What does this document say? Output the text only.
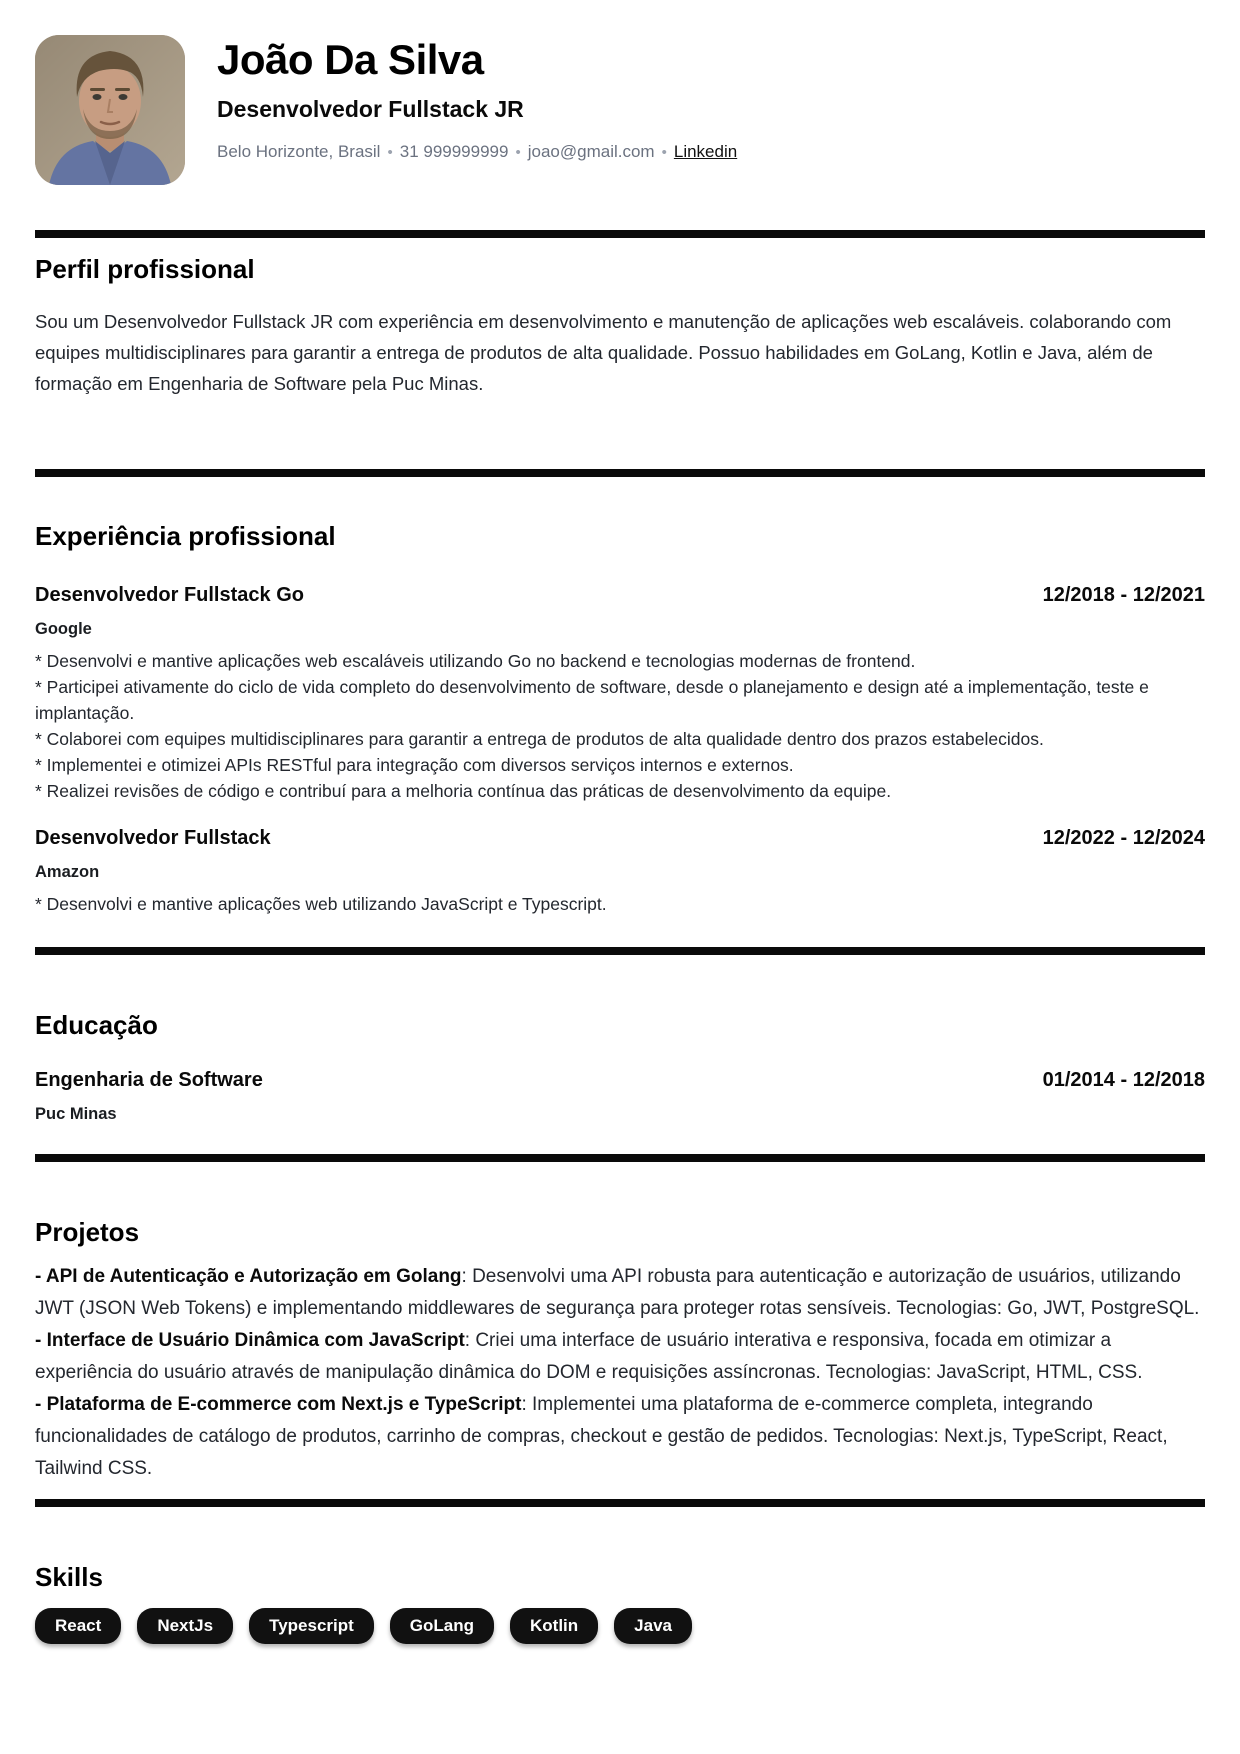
João Da Silva
Desenvolvedor Fullstack JR
Belo Horizonte, Brasil • 31 999999999 • joao@gmail.com • Linkedin
Perfil profissional

Sou um Desenvolvedor Fullstack JR com experiência em desenvolvimento e manutenção de aplicações web escaláveis. colaborando com equipes multidisciplinares para garantir a entrega de produtos de alta qualidade. Possuo habilidades em GoLang, Kotlin e Java, além de formação em Engenharia de Software pela Puc Minas.

Experiência profissional
Desenvolvedor Fullstack Go	12/2018 - 12/2021
Google

* Desenvolvi e mantive aplicações web escaláveis utilizando Go no backend e tecnologias modernas de frontend.

* Participei ativamente do ciclo de vida completo do desenvolvimento de software, desde o planejamento e design até a implementação, teste e implantação.

* Colaborei com equipes multidisciplinares para garantir a entrega de produtos de alta qualidade dentro dos prazos estabelecidos.

* Implementei e otimizei APIs RESTful para integração com diversos serviços internos e externos.

* Realizei revisões de código e contribuí para a melhoria contínua das práticas de desenvolvimento da equipe.

Desenvolvedor Fullstack	12/2022 - 12/2024
Amazon

* Desenvolvi e mantive aplicações web utilizando JavaScript e Typescript.

Educação
Engenharia de Software	01/2014 - 12/2018
Puc Minas
Projetos

- API de Autenticação e Autorização em Golang: Desenvolvi uma API robusta para autenticação e autorização de usuários, utilizando JWT (JSON Web Tokens) e implementando middlewares de segurança para proteger rotas sensíveis. Tecnologias: Go, JWT, PostgreSQL.

- Interface de Usuário Dinâmica com JavaScript: Criei uma interface de usuário interativa e responsiva, focada em otimizar a experiência do usuário através de manipulação dinâmica do DOM e requisições assíncronas. Tecnologias: JavaScript, HTML, CSS.

- Plataforma de E-commerce com Next.js e TypeScript: Implementei uma plataforma de e-commerce completa, integrando funcionalidades de catálogo de produtos, carrinho de compras, checkout e gestão de pedidos. Tecnologias: Next.js, TypeScript, React, Tailwind CSS.

Skills
React	NextJs	Typescript	GoLang	Kotlin	Java
